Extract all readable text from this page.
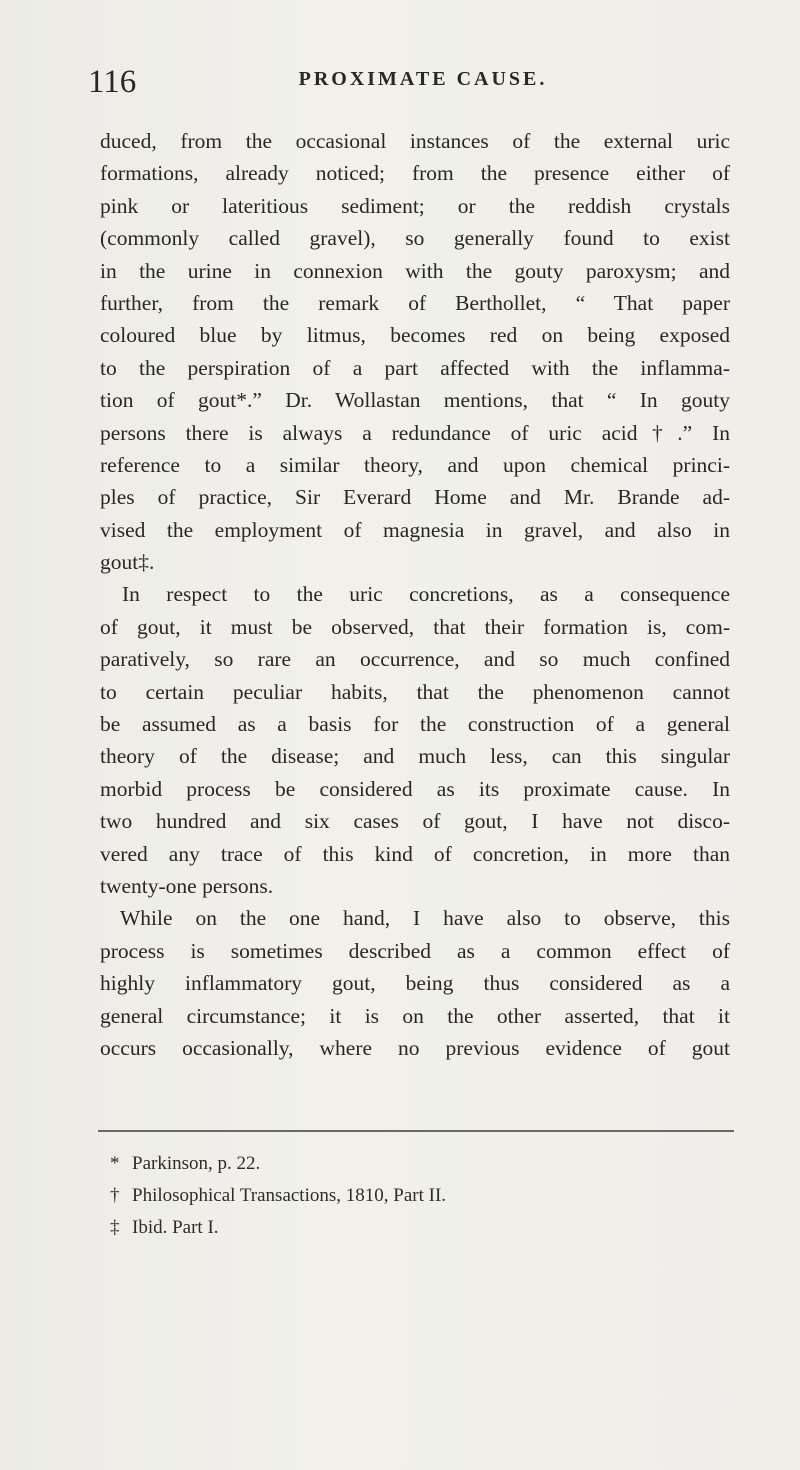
116	PROXIMATE CAUSE.
duced, from the occasional instances of the external uric
formations, already noticed; from the presence either of
pink or lateritious sediment; or the reddish crystals
(commonly called gravel), so generally found to exist
in the urine in connexion with the gouty paroxysm; and
further, from the remark of Berthollet, “ That paper
coloured blue by litmus, becomes red on being exposed
to the perspiration of a part affected with the inflamma-
tion of gout*.” Dr. Wollastan mentions, that “ In gouty
persons there is always a redundance of uric acid†.” In
reference to a similar theory, and upon chemical princi-
ples of practice, Sir Everard Home and Mr. Brande ad-
vised the employment of magnesia in gravel, and also in
gout‡.
In respect to the uric concretions, as a consequence
of gout, it must be observed, that their formation is, com-
paratively, so rare an occurrence, and so much confined
to certain peculiar habits, that the phenomenon cannot
be assumed as a basis for the construction of a general
theory of the disease; and much less, can this singular
morbid process be considered as its proximate cause. In
two hundred and six cases of gout, I have not disco-
vered any trace of this kind of concretion, in more than
twenty-one persons.
While on the one hand, I have also to observe, this
process is sometimes described as a common effect of
highly inflammatory gout, being thus considered as a
general circumstance; it is on the other asserted, that it
occurs occasionally, where no previous evidence of gout
* Parkinson, p. 22.
† Philosophical Transactions, 1810, Part II.
‡ Ibid. Part I.
